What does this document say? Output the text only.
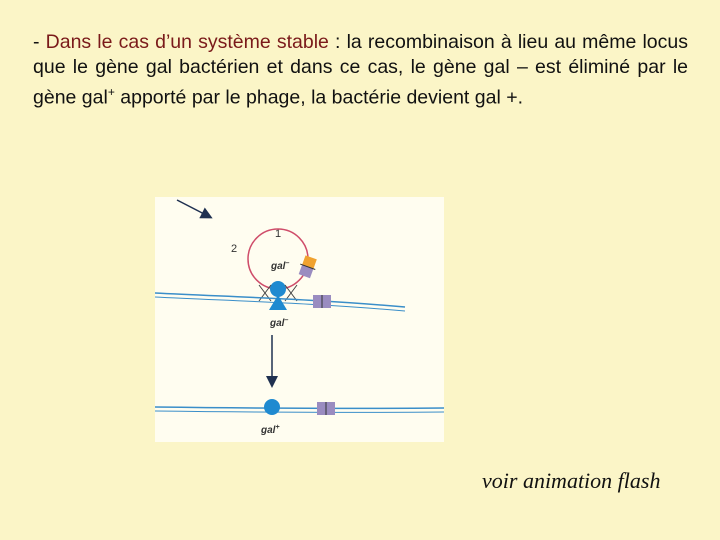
- Dans le cas d’un système stable : la recombinaison à lieu au même locus que le gène gal bactérien et dans ce cas, le gène gal – est éliminé par le gène gal+ apporté par le phage, la bactérie devient gal +.
1
2
gal–
gal–
gal+
voir animation flash
